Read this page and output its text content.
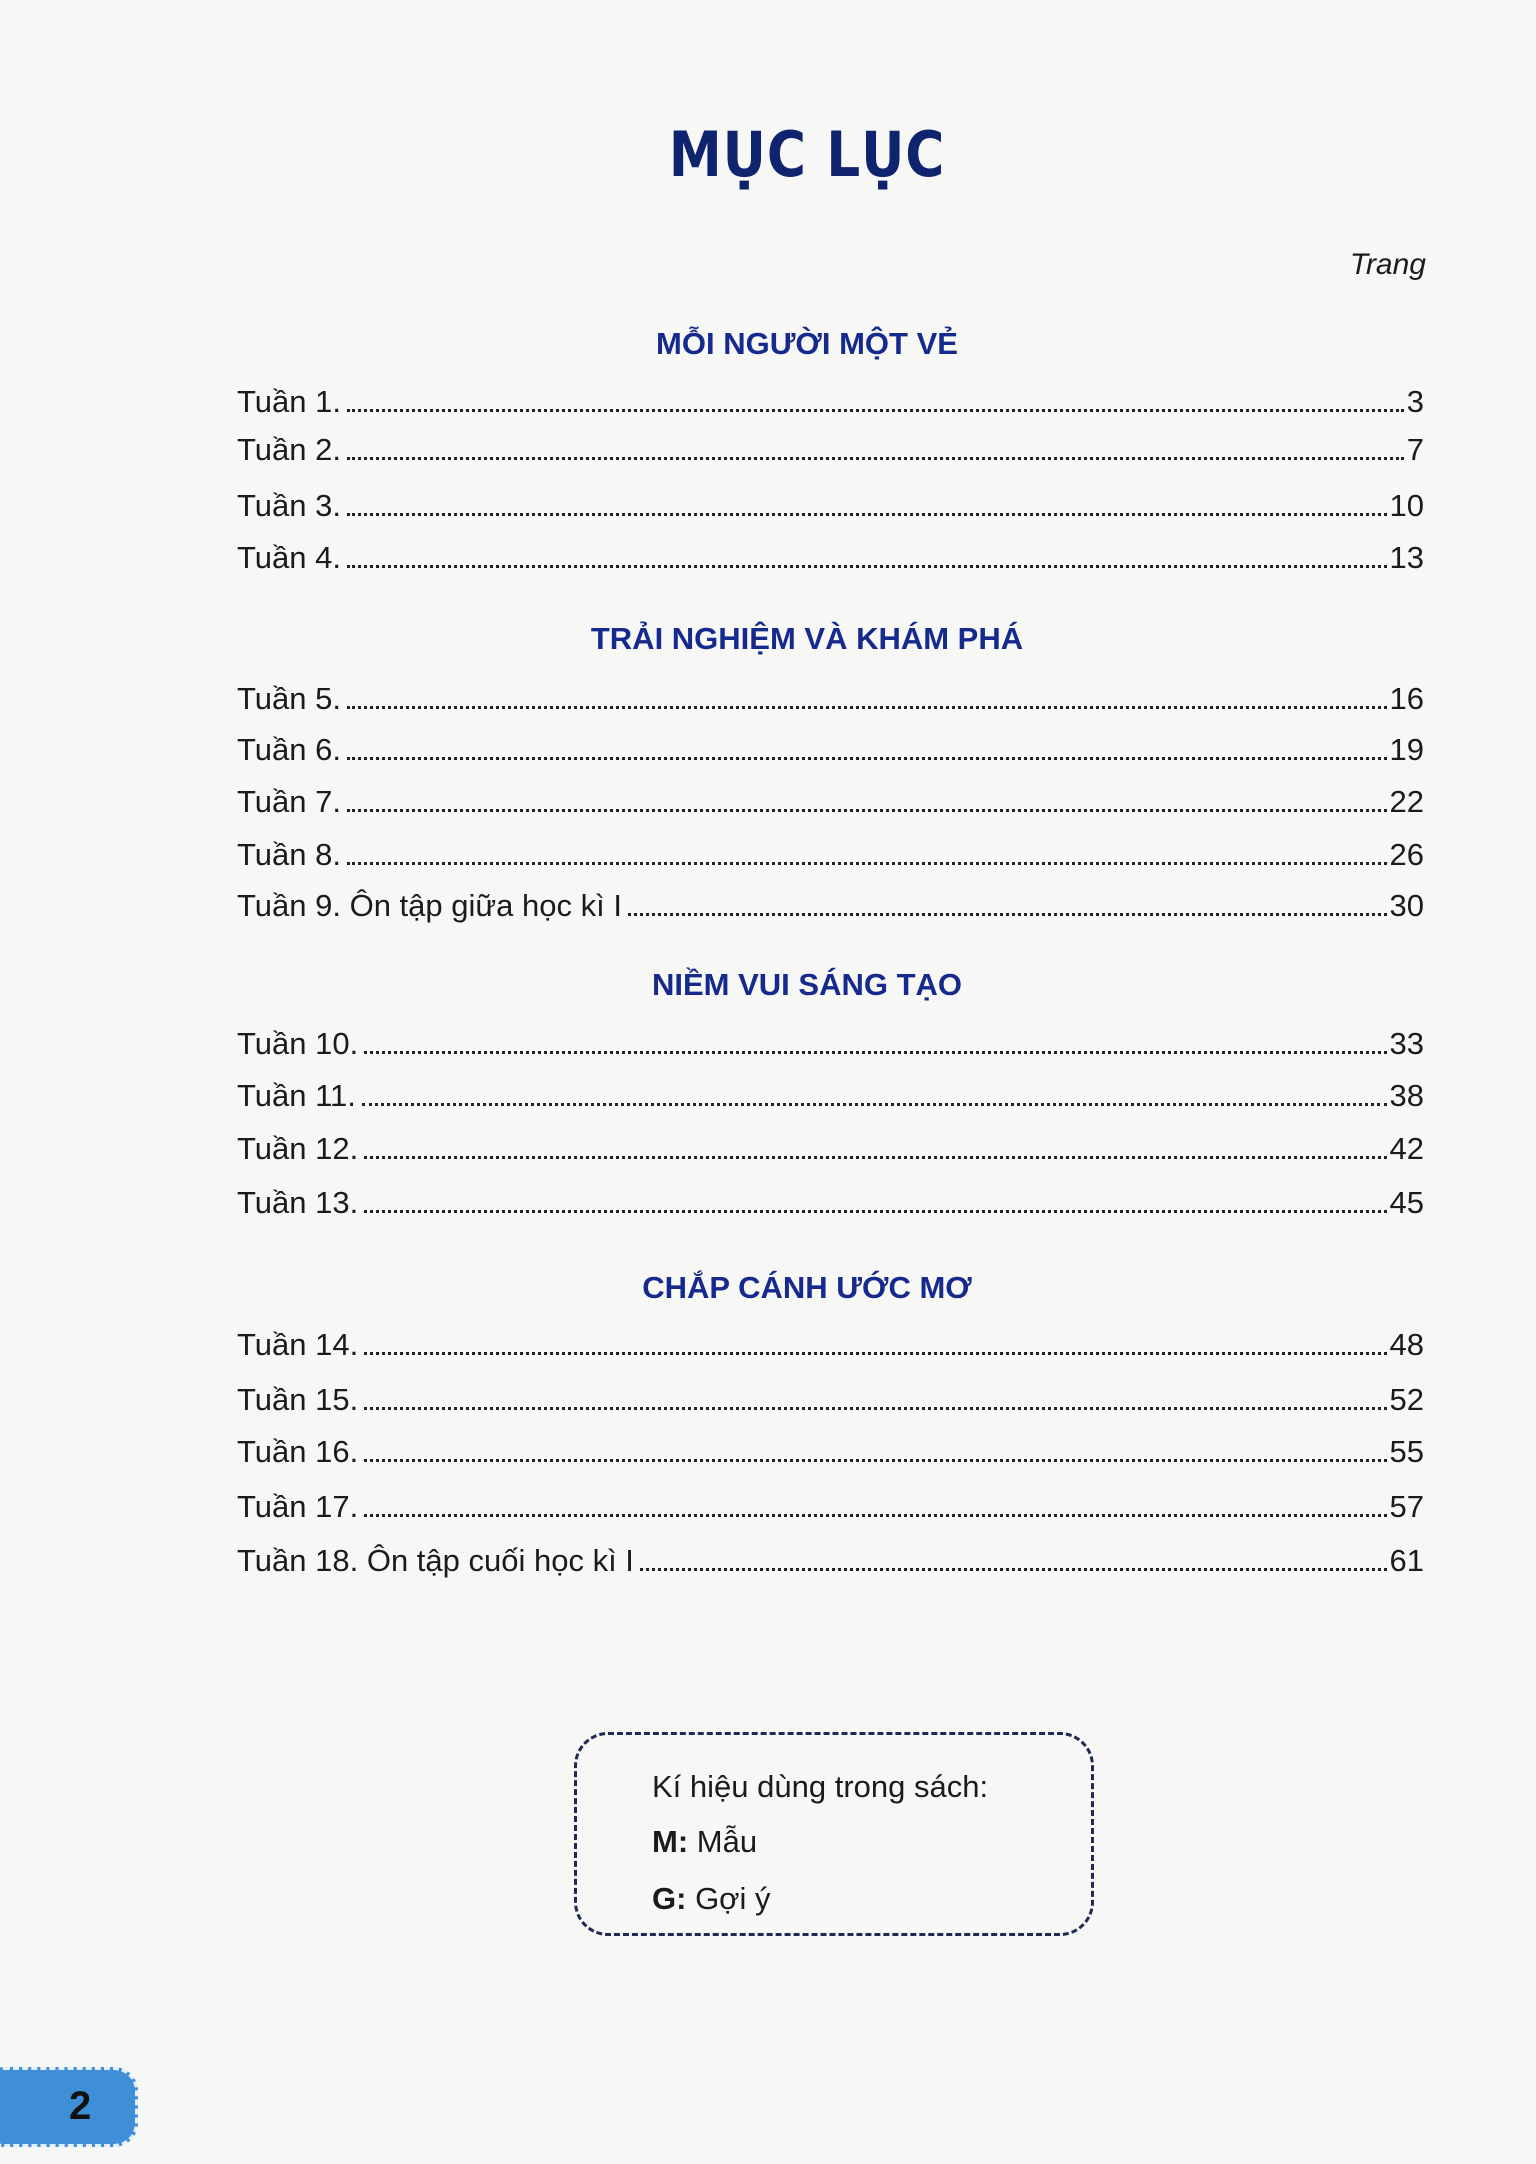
MỤC LỤC
Trang
MỖI NGƯỜI MỘT VẺ
Tuần 1.	3
Tuần 2.	7
Tuần 3.	10
Tuần 4.	13
TRẢI NGHIỆM VÀ KHÁM PHÁ
Tuần 5.	16
Tuần 6.	19
Tuần 7.	22
Tuần 8.	26
Tuần 9. Ôn tập giữa học kì I	30
NIỀM VUI SÁNG TẠO
Tuần 10.	33
Tuần 11.	38
Tuần 12.	42
Tuần 13.	45
CHẮP CÁNH ƯỚC MƠ
Tuần 14.	48
Tuần 15.	52
Tuần 16.	55
Tuần 17.	57
Tuần 18. Ôn tập cuối học kì I	61
Kí hiệu dùng trong sách:
M: Mẫu
G: Gợi ý
2
